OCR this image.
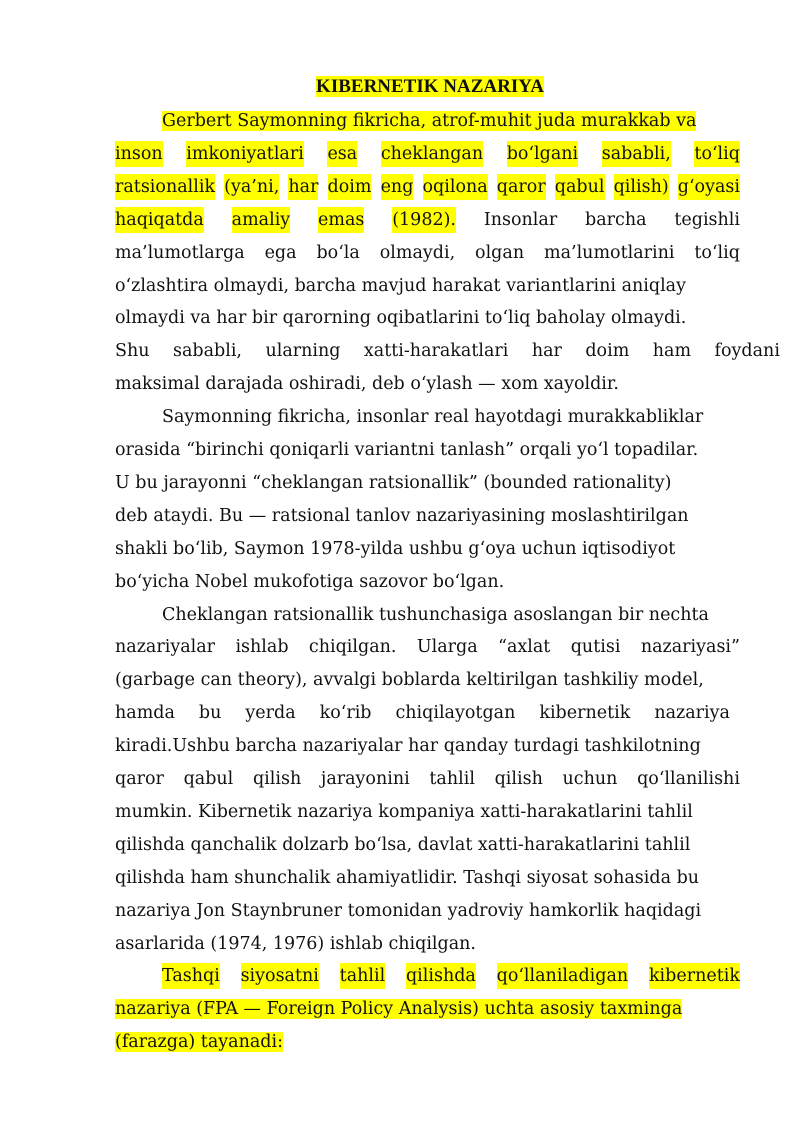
KIBERNETIK NAZARIYA
Gerbert Saymonning fikricha, atrof-muhit juda murakkab va
inson imkoniyatlari esa cheklangan bo‘lgani sababli, to‘liq
ratsionallik (ya’ni, har doim eng oqilona qaror qabul qilish) g‘oyasi
haqiqatda amaliy emas (1982). Insonlar barcha tegishli
ma’lumotlarga ega bo‘la olmaydi, olgan ma’lumotlarini to‘liq
o‘zlashtira olmaydi, barcha mavjud harakat variantlarini aniqlay
olmaydi va har bir qarorning oqibatlarini to‘liq baholay olmaydi.
Shu sababli, ularning xatti-harakatlari har doim ham foydani
maksimal darajada oshiradi, deb o‘ylash — xom xayoldir.
Saymonning fikricha, insonlar real hayotdagi murakkabliklar
orasida “birinchi qoniqarli variantni tanlash” orqali yo‘l topadilar.
U bu jarayonni “cheklangan ratsionallik” (bounded rationality)
deb ataydi. Bu — ratsional tanlov nazariyasining moslashtirilgan
shakli bo‘lib, Saymon 1978-yilda ushbu g‘oya uchun iqtisodiyot
bo‘yicha Nobel mukofotiga sazovor bo‘lgan.
Cheklangan ratsionallik tushunchasiga asoslangan bir nechta
nazariyalar ishlab chiqilgan. Ularga “axlat qutisi nazariyasi”
(garbage can theory), avvalgi boblarda keltirilgan tashkiliy model,
hamda bu yerda ko‘rib chiqilayotgan kibernetik nazariya
kiradi.Ushbu barcha nazariyalar har qanday turdagi tashkilotning
qaror qabul qilish jarayonini tahlil qilish uchun qo‘llanilishi
mumkin. Kibernetik nazariya kompaniya xatti-harakatlarini tahlil
qilishda qanchalik dolzarb bo‘lsa, davlat xatti-harakatlarini tahlil
qilishda ham shunchalik ahamiyatlidir. Tashqi siyosat sohasida bu
nazariya Jon Staynbruner tomonidan yadroviy hamkorlik haqidagi
asarlarida (1974, 1976) ishlab chiqilgan.
Tashqi siyosatni tahlil qilishda qo‘llaniladigan kibernetik
nazariya (FPA — Foreign Policy Analysis) uchta asosiy taxminga
(farazga) tayanadi:
